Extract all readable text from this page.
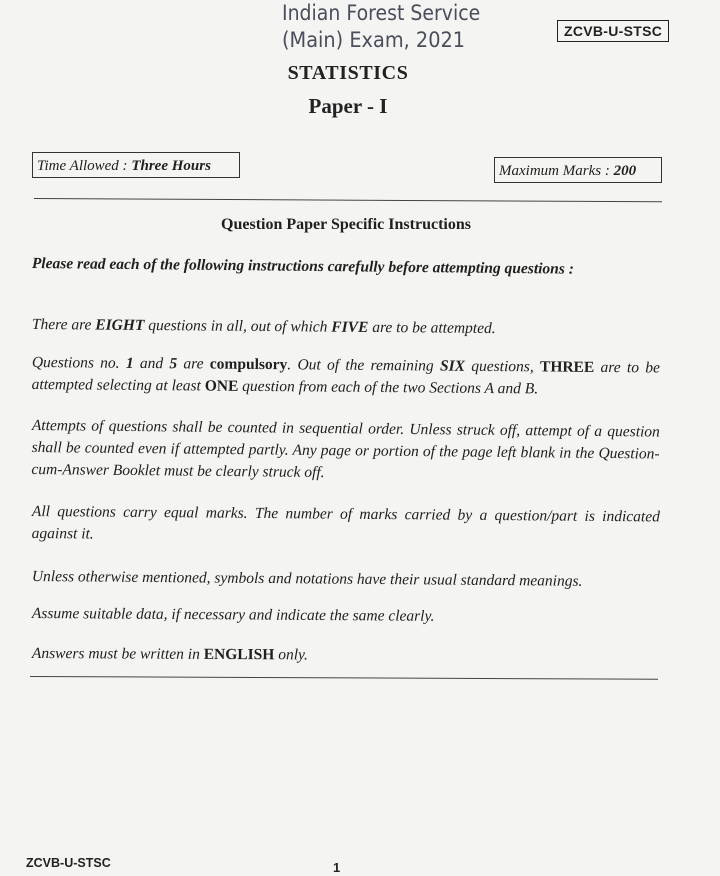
Indian Forest Service
(Main) Exam, 2021	ZCVB-U-STSC
STATISTICS
Paper - I
Time Allowed : Three Hours	Maximum Marks : 200
Question Paper Specific Instructions
Please read each of the following instructions carefully before attempting questions :
There are EIGHT questions in all, out of which FIVE are to be attempted.
Questions no. 1 and 5 are compulsory. Out of the remaining SIX questions, THREE are to be attempted selecting at least ONE question from each of the two Sections A and B.
Attempts of questions shall be counted in sequential order. Unless struck off, attempt of a question shall be counted even if attempted partly. Any page or portion of the page left blank in the Question-cum-Answer Booklet must be clearly struck off.
All questions carry equal marks. The number of marks carried by a question/part is indicated against it.
Unless otherwise mentioned, symbols and notations have their usual standard meanings.
Assume suitable data, if necessary and indicate the same clearly.
Answers must be written in ENGLISH only.
ZCVB-U-STSC	1
